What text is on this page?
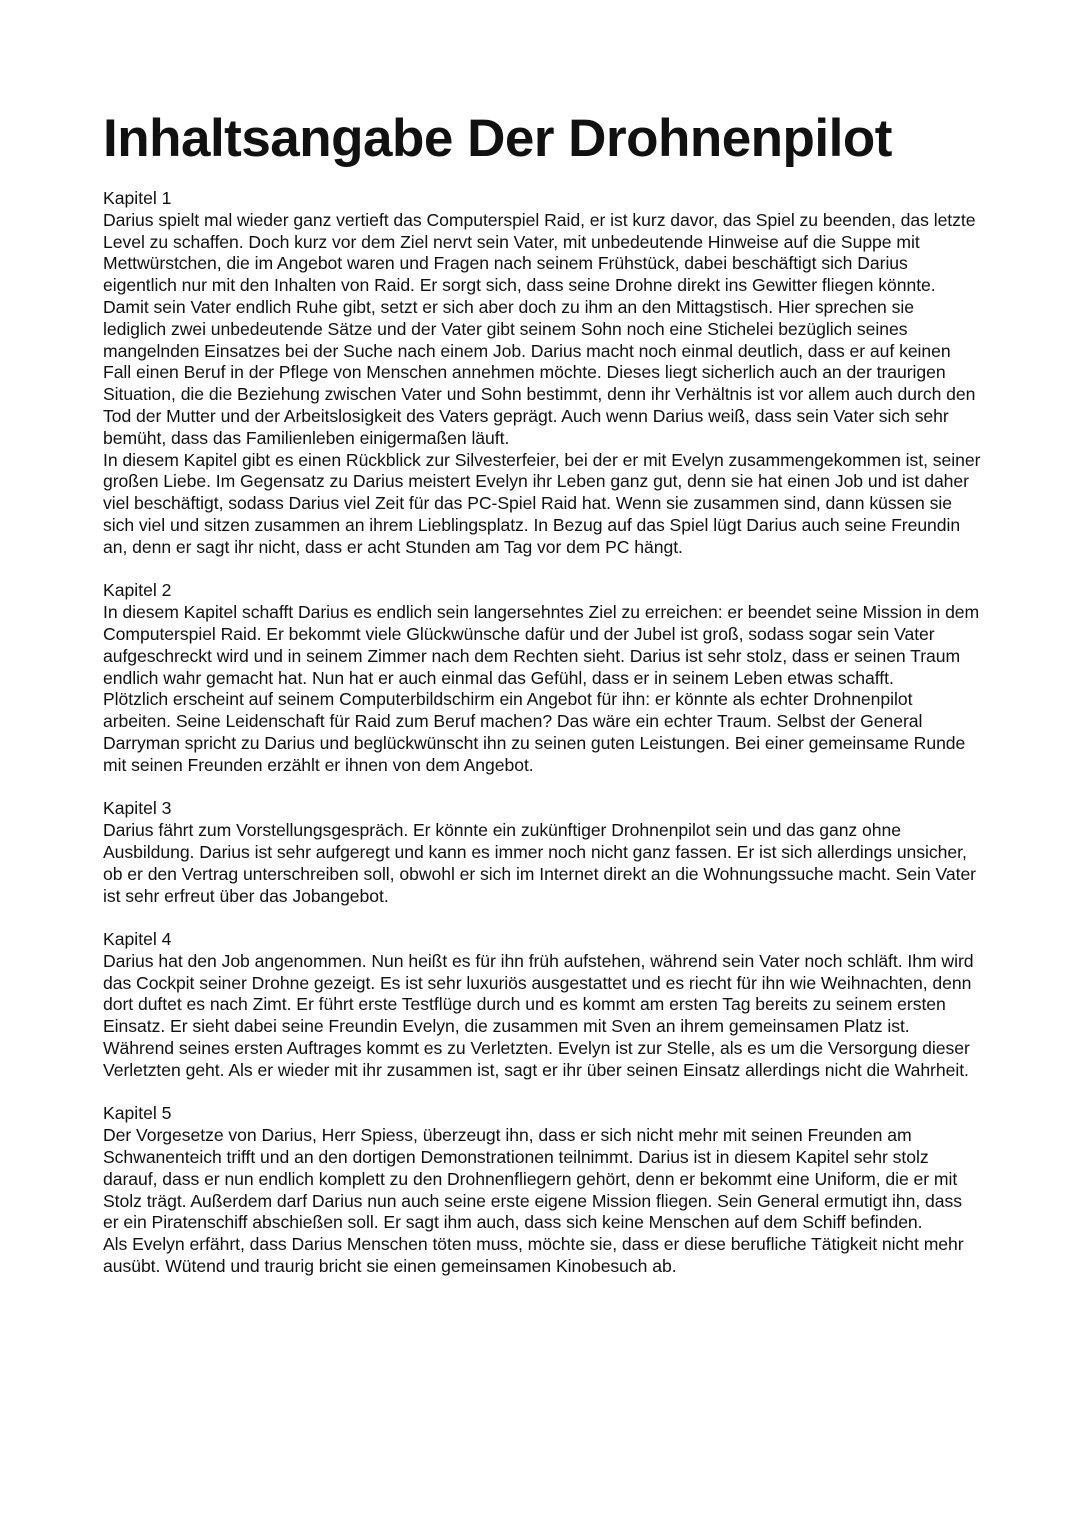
Inhaltsangabe Der Drohnenpilot
Kapitel 1

Darius spielt mal wieder ganz vertieft das Computerspiel Raid, er ist kurz davor, das Spiel zu beenden, das letzte Level zu schaffen. Doch kurz vor dem Ziel nervt sein Vater, mit unbedeutende Hinweise auf die Suppe mit Mettwürstchen, die im Angebot waren und Fragen nach seinem Frühstück, dabei beschäftigt sich Darius eigentlich nur mit den Inhalten von Raid. Er sorgt sich, dass seine Drohne direkt ins Gewitter fliegen könnte. Damit sein Vater endlich Ruhe gibt, setzt er sich aber doch zu ihm an den Mittagstisch. Hier sprechen sie lediglich zwei unbedeutende Sätze und der Vater gibt seinem Sohn noch eine Stichelei bezüglich seines mangelnden Einsatzes bei der Suche nach einem Job. Darius macht noch einmal deutlich, dass er auf keinen Fall einen Beruf in der Pflege von Menschen annehmen möchte. Dieses liegt sicherlich auch an der traurigen Situation, die die Beziehung zwischen Vater und Sohn bestimmt, denn ihr Verhältnis ist vor allem auch durch den Tod der Mutter und der Arbeitslosigkeit des Vaters geprägt. Auch wenn Darius weiß, dass sein Vater sich sehr bemüht, dass das Familienleben einigermaßen läuft.

In diesem Kapitel gibt es einen Rückblick zur Silvesterfeier, bei der er mit Evelyn zusammengekommen ist, seiner großen Liebe. Im Gegensatz zu Darius meistert Evelyn ihr Leben ganz gut, denn sie hat einen Job und ist daher viel beschäftigt, sodass Darius viel Zeit für das PC-Spiel Raid hat. Wenn sie zusammen sind, dann küssen sie sich viel und sitzen zusammen an ihrem Lieblingsplatz. In Bezug auf das Spiel lügt Darius auch seine Freundin an, denn er sagt ihr nicht, dass er acht Stunden am Tag vor dem PC hängt.

Kapitel 2

In diesem Kapitel schafft Darius es endlich sein langersehntes Ziel zu erreichen: er beendet seine Mission in dem Computerspiel Raid. Er bekommt viele Glückwünsche dafür und der Jubel ist groß, sodass sogar sein Vater aufgeschreckt wird und in seinem Zimmer nach dem Rechten sieht. Darius ist sehr stolz, dass er seinen Traum endlich wahr gemacht hat. Nun hat er auch einmal das Gefühl, dass er in seinem Leben etwas schafft.

Plötzlich erscheint auf seinem Computerbildschirm ein Angebot für ihn: er könnte als echter Drohnenpilot arbeiten. Seine Leidenschaft für Raid zum Beruf machen? Das wäre ein echter Traum. Selbst der General Darryman spricht zu Darius und beglückwünscht ihn zu seinen guten Leistungen. Bei einer gemeinsame Runde mit seinen Freunden erzählt er ihnen von dem Angebot.

Kapitel 3

Darius fährt zum Vorstellungsgespräch. Er könnte ein zukünftiger Drohnenpilot sein und das ganz ohne Ausbildung. Darius ist sehr aufgeregt und kann es immer noch nicht ganz fassen. Er ist sich allerdings unsicher, ob er den Vertrag unterschreiben soll, obwohl er sich im Internet direkt an die Wohnungssuche macht. Sein Vater ist sehr erfreut über das Jobangebot.

Kapitel 4

Darius hat den Job angenommen. Nun heißt es für ihn früh aufstehen, während sein Vater noch schläft. Ihm wird das Cockpit seiner Drohne gezeigt. Es ist sehr luxuriös ausgestattet und es riecht für ihn wie Weihnachten, denn dort duftet es nach Zimt. Er führt erste Testflüge durch und es kommt am ersten Tag bereits zu seinem ersten Einsatz. Er sieht dabei seine Freundin Evelyn, die zusammen mit Sven an ihrem gemeinsamen Platz ist. Während seines ersten Auftrages kommt es zu Verletzten. Evelyn ist zur Stelle, als es um die Versorgung dieser Verletzten geht. Als er wieder mit ihr zusammen ist, sagt er ihr über seinen Einsatz allerdings nicht die Wahrheit.

Kapitel 5

Der Vorgesetze von Darius, Herr Spiess, überzeugt ihn, dass er sich nicht mehr mit seinen Freunden am Schwanenteich trifft und an den dortigen Demonstrationen teilnimmt. Darius ist in diesem Kapitel sehr stolz darauf, dass er nun endlich komplett zu den Drohnenfliegern gehört, denn er bekommt eine Uniform, die er mit Stolz trägt. Außerdem darf Darius nun auch seine erste eigene Mission fliegen. Sein General ermutigt ihn, dass er ein Piratenschiff abschießen soll. Er sagt ihm auch, dass sich keine Menschen auf dem Schiff befinden.

Als Evelyn erfährt, dass Darius Menschen töten muss, möchte sie, dass er diese berufliche Tätigkeit nicht mehr ausübt. Wütend und traurig bricht sie einen gemeinsamen Kinobesuch ab.
